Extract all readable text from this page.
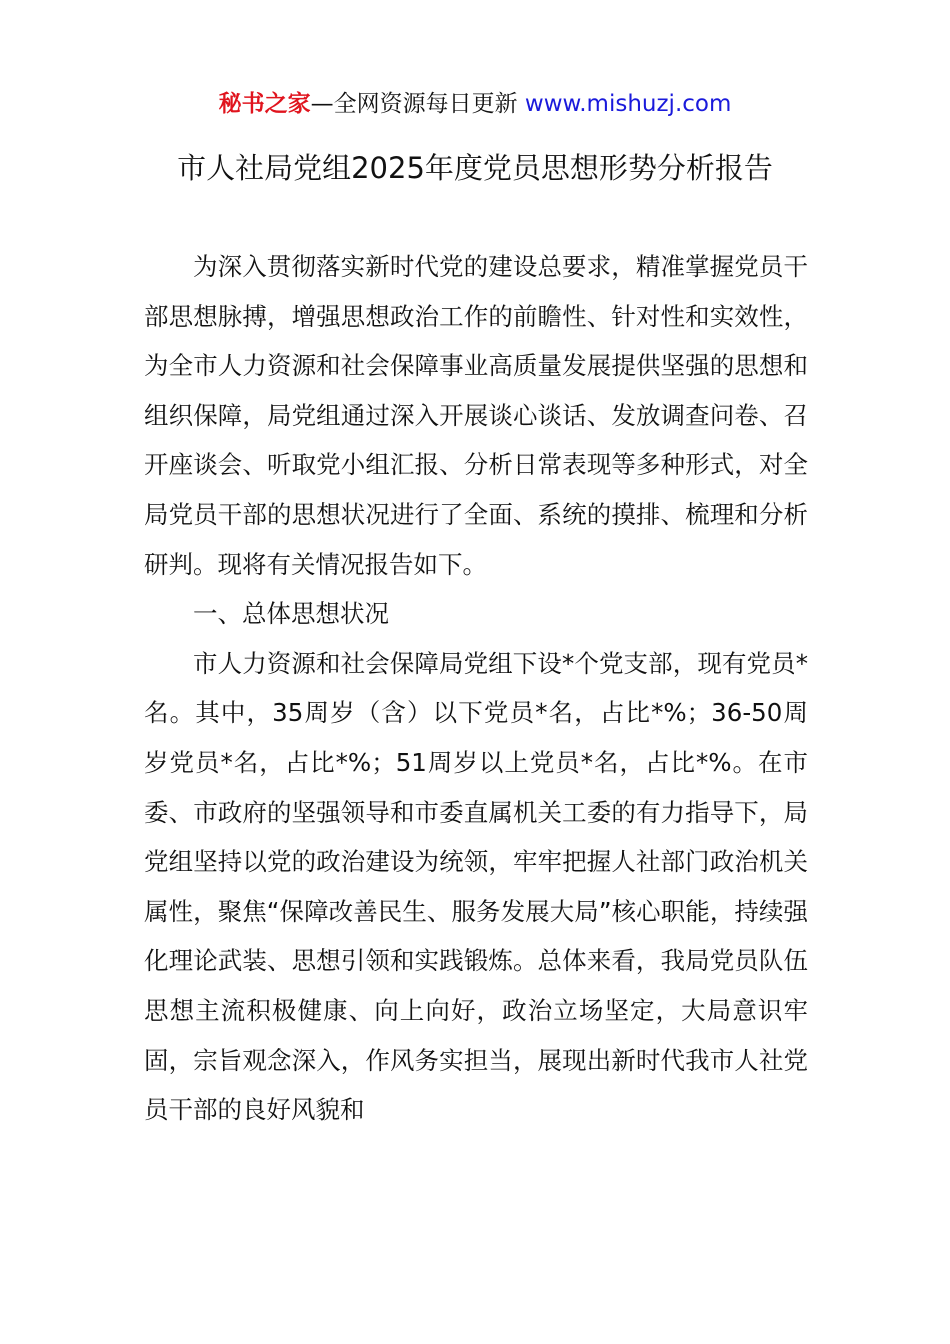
秘书之家—全网资源每日更新 www.mishuzj.com
市人社局党组2025年度党员思想形势分析报告

为深入贯彻落实新时代党的建设总要求，精准掌握党员干部思想脉搏，增强思想政治工作的前瞻性、针对性和实效性，为全市人力资源和社会保障事业高质量发展提供坚强的思想和组织保障，局党组通过深入开展谈心谈话、发放调查问卷、召开座谈会、听取党小组汇报、分析日常表现等多种形式，对全局党员干部的思想状况进行了全面、系统的摸排、梳理和分析研判。现将有关情况报告如下。

一、总体思想状况

市人力资源和社会保障局党组下设*个党支部，现有党员*名。其中，35周岁（含）以下党员*名，占比*%；36-50周岁党员*名，占比*%；51周岁以上党员*名，占比*%。在市委、市政府的坚强领导和市委直属机关工委的有力指导下，局党组坚持以党的政治建设为统领，牢牢把握人社部门政治机关属性，聚焦“保障改善民生、服务发展大局”核心职能，持续强化理论武装、思想引领和实践锻炼。总体来看，我局党员队伍思想主流积极健康、向上向好，政治立场坚定，大局意识牢固，宗旨观念深入，作风务实担当，展现出新时代我市人社党员干部的良好风貌和
